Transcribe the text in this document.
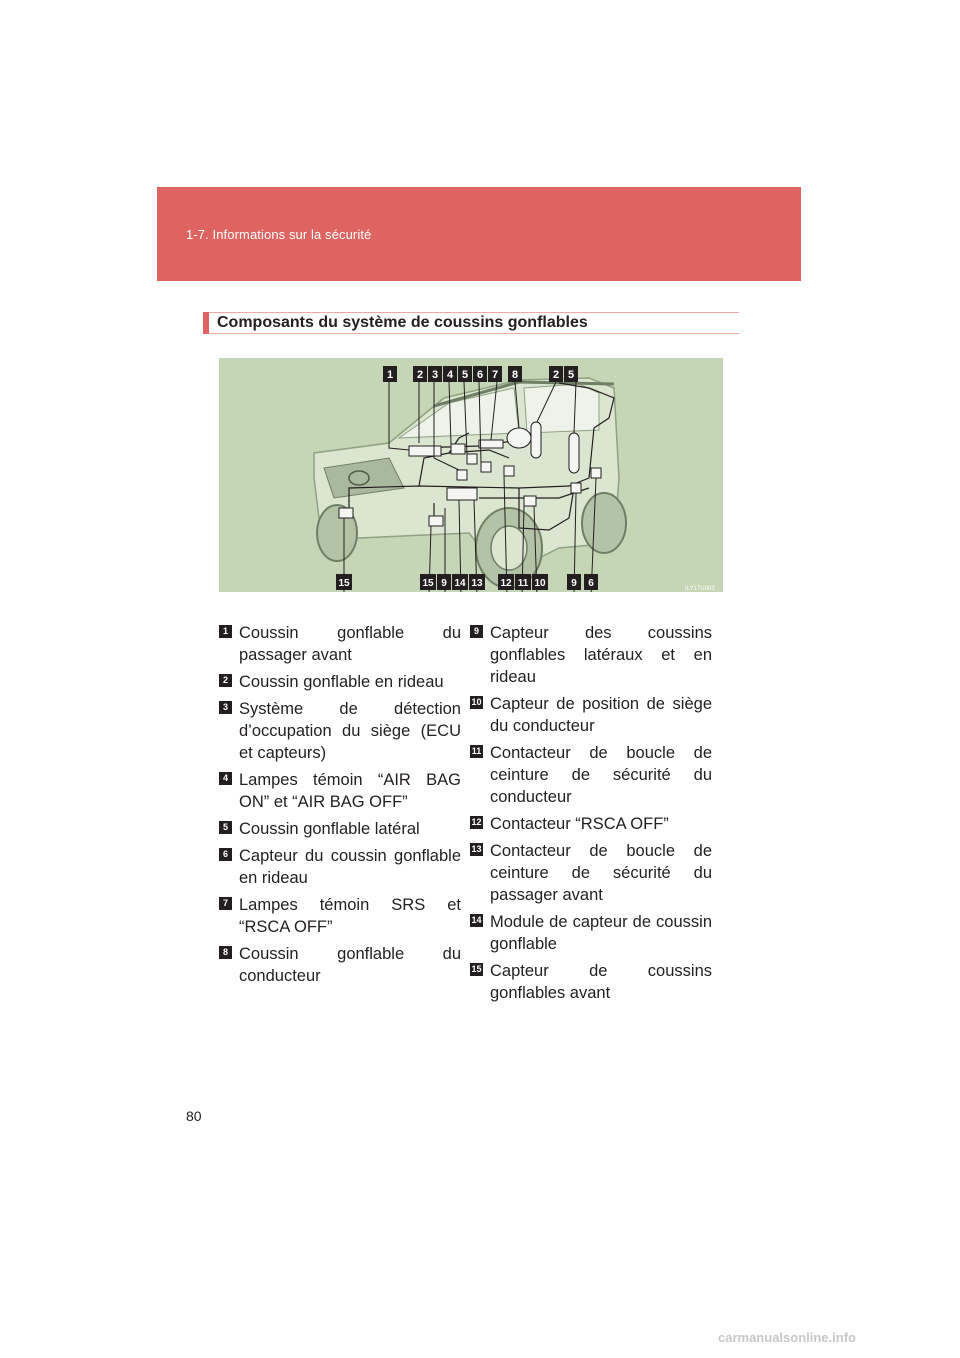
1-7. Informations sur la sécurité
Composants du système de coussins gonflables
1 2 3 4 5 6 7 8	2 5
15	15 9 14 13 12 11 10	9 6	ILY17U003
1 Coussin gonflable du passager avant
2 Coussin gonflable en rideau
3 Système de détection d’occupation du siège (ECU et capteurs)
4 Lampes témoin “AIR BAG ON” et “AIR BAG OFF”
5 Coussin gonflable latéral
6 Capteur du coussin gonflable en rideau
7 Lampes témoin SRS et “RSCA OFF”
8 Coussin gonflable du conducteur
9 Capteur des coussins gonflables latéraux et en rideau
10 Capteur de position de siège du conducteur
11 Contacteur de boucle de ceinture de sécurité du conducteur
12 Contacteur “RSCA OFF”
13 Contacteur de boucle de ceinture de sécurité du passager avant
14 Module de capteur de coussin gonflable
15 Capteur de coussins gonflables avant
80
carmanualsonline.info
